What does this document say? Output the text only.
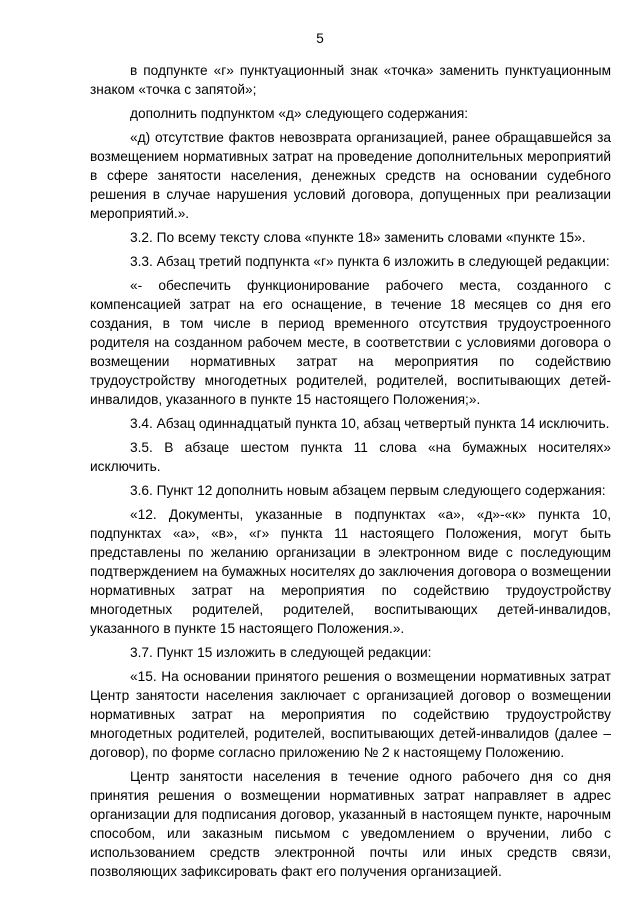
5

в подпункте «г» пунктуационный знак «точка» заменить пунктуационным знаком «точка с запятой»;

дополнить подпунктом «д» следующего содержания:

«д) отсутствие фактов невозврата организацией, ранее обращавшейся за возмещением нормативных затрат на проведение дополнительных мероприятий в сфере занятости населения, денежных средств на основании судебного решения в случае нарушения условий договора, допущенных при реализации мероприятий.».

3.2. По всему тексту слова «пункте 18» заменить словами «пункте 15».

3.3. Абзац третий подпункта «г» пункта 6 изложить в следующей редакции:

«- обеспечить функционирование рабочего места, созданного с компенсацией затрат на его оснащение, в течение 18 месяцев со дня его создания, в том числе в период временного отсутствия трудоустроенного родителя на созданном рабочем месте, в соответствии с условиями договора о возмещении нормативных затрат на мероприятия по содействию трудоустройству многодетных родителей, родителей, воспитывающих детей-инвалидов, указанного в пункте 15 настоящего Положения;».

3.4. Абзац одиннадцатый пункта 10, абзац четвертый пункта 14 исключить.

3.5. В абзаце шестом пункта 11 слова «на бумажных носителях» исключить.

3.6. Пункт 12 дополнить новым абзацем первым следующего содержания:

«12. Документы, указанные в подпунктах «а», «д»-«к» пункта 10, подпунктах «а», «в», «г» пункта 11 настоящего Положения, могут быть представлены по желанию организации в электронном виде с последующим подтверждением на бумажных носителях до заключения договора о возмещении нормативных затрат на мероприятия по содействию трудоустройству многодетных родителей, родителей, воспитывающих детей-инвалидов, указанного в пункте 15 настоящего Положения.».

3.7. Пункт 15 изложить в следующей редакции:

«15. На основании принятого решения о возмещении нормативных затрат Центр занятости населения заключает с организацией договор о возмещении нормативных затрат на мероприятия по содействию трудоустройству многодетных родителей, родителей, воспитывающих детей-инвалидов (далее – договор), по форме согласно приложению № 2 к настоящему Положению.

Центр занятости населения в течение одного рабочего дня со дня принятия решения о возмещении нормативных затрат направляет в адрес организации для подписания договор, указанный в настоящем пункте, нарочным способом, или заказным письмом с уведомлением о вручении, либо с использованием средств электронной почты или иных средств связи, позволяющих зафиксировать факт его получения организацией.
